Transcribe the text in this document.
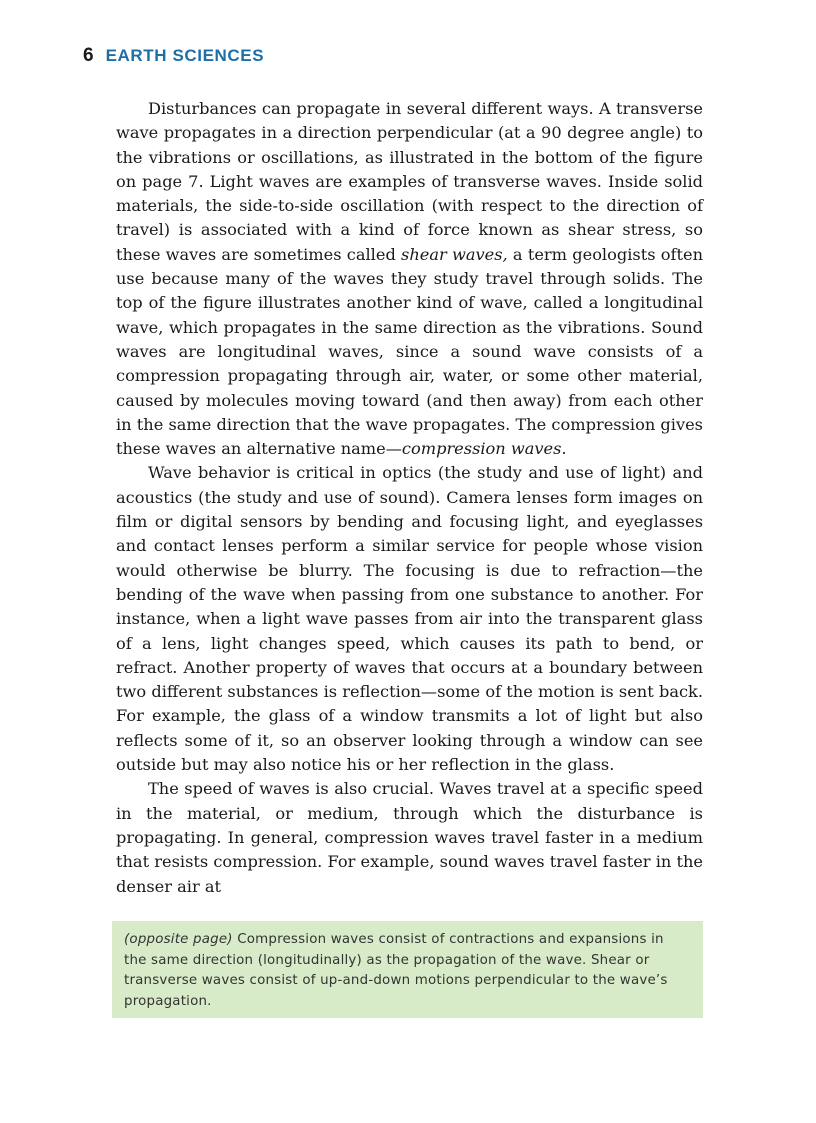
6 EARTH SCIENCES

Disturbances can propagate in several different ways. A transverse wave propagates in a direction perpendicular (at a 90 degree angle) to the vibrations or oscillations, as illustrated in the bottom of the figure on page 7. Light waves are examples of transverse waves. Inside solid materials, the side-to-side oscillation (with respect to the direction of travel) is associated with a kind of force known as shear stress, so these waves are sometimes called shear waves, a term geologists often use because many of the waves they study travel through solids. The top of the figure illustrates another kind of wave, called a longitudinal wave, which propagates in the same direction as the vibrations. Sound waves are longitudinal waves, since a sound wave consists of a compression propagating through air, water, or some other material, caused by molecules moving toward (and then away) from each other in the same direction that the wave propagates. The compression gives these waves an alternative name—compression waves.

Wave behavior is critical in optics (the study and use of light) and acoustics (the study and use of sound). Camera lenses form images on film or digital sensors by bending and focusing light, and eyeglasses and contact lenses perform a similar service for people whose vision would otherwise be blurry. The focusing is due to refraction—the bending of the wave when passing from one substance to another. For instance, when a light wave passes from air into the transparent glass of a lens, light changes speed, which causes its path to bend, or refract. Another property of waves that occurs at a boundary between two different substances is reflection—some of the motion is sent back. For example, the glass of a window transmits a lot of light but also reflects some of it, so an observer looking through a window can see outside but may also notice his or her reflection in the glass.

The speed of waves is also crucial. Waves travel at a specific speed in the material, or medium, through which the disturbance is propagating. In general, compression waves travel faster in a medium that resists compression. For example, sound waves travel faster in the denser air at

(opposite page) Compression waves consist of contractions and expansions in the same direction (longitudinally) as the propagation of the wave. Shear or transverse waves consist of up-and-down motions perpendicular to the wave’s propagation.
